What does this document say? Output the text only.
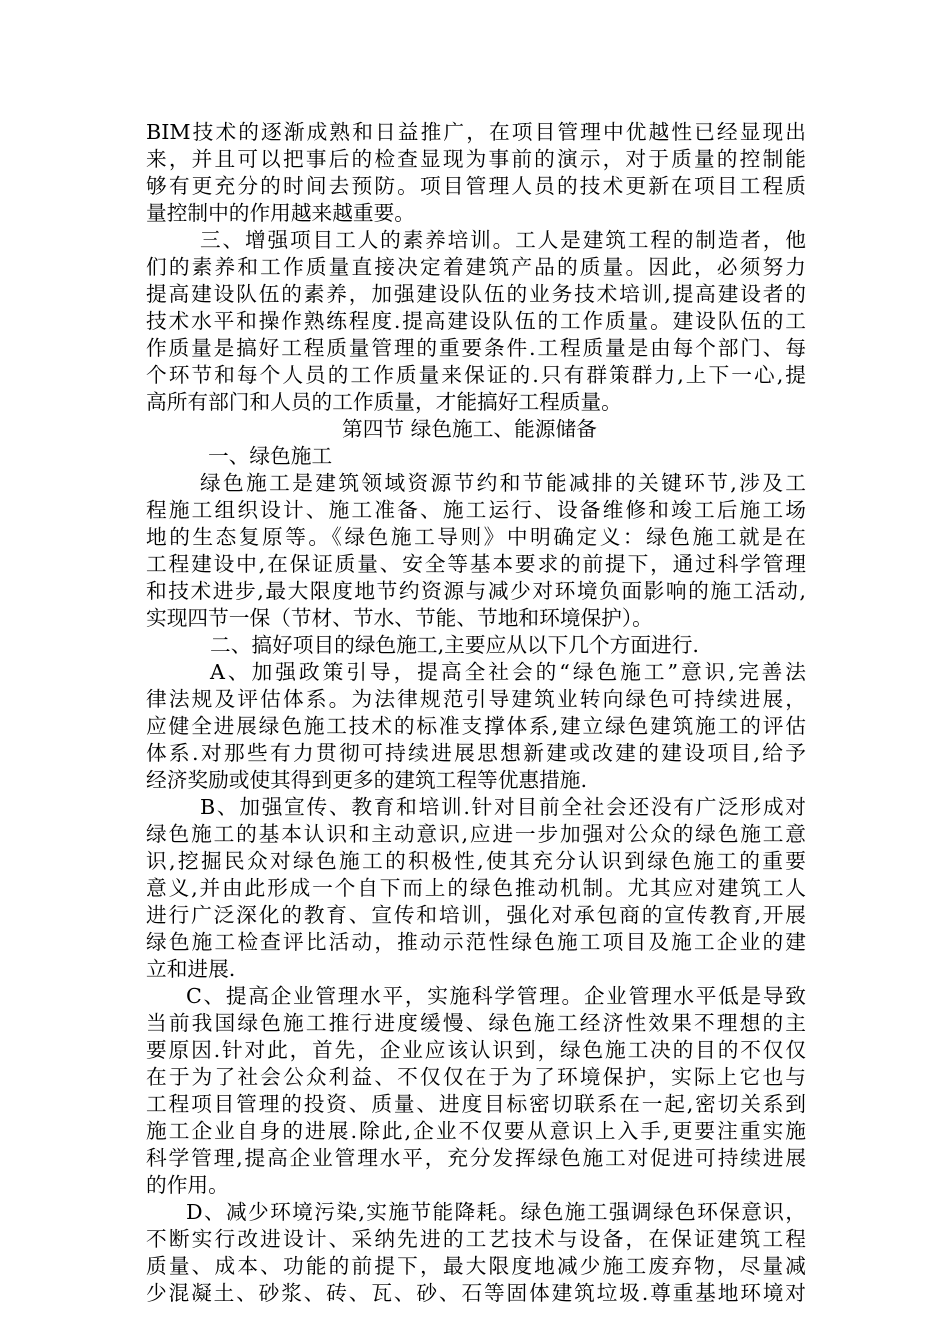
BIM技术的逐渐成熟和日益推广，在项目管理中优越性已经显现出
来，并且可以把事后的检查显现为事前的演示，对于质量的控制能
够有更充分的时间去预防。项目管理人员的技术更新在项目工程质
量控制中的作用越来越重要。
三、增强项目工人的素养培训。工人是建筑工程的制造者，他
们的素养和工作质量直接决定着建筑产品的质量。因此，必须努力
提高建设队伍的素养，加强建设队伍的业务技术培训,提高建设者的
技术水平和操作熟练程度.提高建设队伍的工作质量。建设队伍的工
作质量是搞好工程质量管理的重要条件.工程质量是由每个部门、每
个环节和每个人员的工作质量来保证的.只有群策群力,上下一心,提
高所有部门和人员的工作质量，才能搞好工程质量。
第四节 绿色施工、能源储备
一、绿色施工
绿色施工是建筑领域资源节约和节能减排的关键环节,涉及工
程施工组织设计、施工准备、施工运行、设备维修和竣工后施工场
地的生态复原等。《绿色施工导则》中明确定义：绿色施工就是在
工程建设中,在保证质量、安全等基本要求的前提下，通过科学管理
和技术进步,最大限度地节约资源与减少对环境负面影响的施工活动,
实现四节一保（节材、节水、节能、节地和环境保护）。
二、搞好项目的绿色施工,主要应从以下几个方面进行.
A、加强政策引导，提高全社会的“绿色施工”意识,完善法
律法规及评估体系。为法律规范引导建筑业转向绿色可持续进展，
应健全进展绿色施工技术的标准支撑体系,建立绿色建筑施工的评估
体系.对那些有力贯彻可持续进展思想新建或改建的建设项目,给予
经济奖励或使其得到更多的建筑工程等优惠措施.
B、加强宣传、教育和培训.针对目前全社会还没有广泛形成对
绿色施工的基本认识和主动意识,应进一步加强对公众的绿色施工意
识,挖掘民众对绿色施工的积极性,使其充分认识到绿色施工的重要
意义,并由此形成一个自下而上的绿色推动机制。尤其应对建筑工人
进行广泛深化的教育、宣传和培训，强化对承包商的宣传教育,开展
绿色施工检查评比活动，推动示范性绿色施工项目及施工企业的建
立和进展.
C、提高企业管理水平，实施科学管理。企业管理水平低是导致
当前我国绿色施工推行进度缓慢、绿色施工经济性效果不理想的主
要原因.针对此，首先，企业应该认识到，绿色施工决的目的不仅仅
在于为了社会公众利益、不仅仅在于为了环境保护，实际上它也与
工程项目管理的投资、质量、进度目标密切联系在一起,密切关系到
施工企业自身的进展.除此,企业不仅要从意识上入手,更要注重实施
科学管理,提高企业管理水平，充分发挥绿色施工对促进可持续进展
的作用。
D、减少环境污染,实施节能降耗。绿色施工强调绿色环保意识，
不断实行改进设计、采纳先进的工艺技术与设备，在保证建筑工程
质量、成本、功能的前提下，最大限度地减少施工废弃物，尽量减
少混凝土、砂浆、砖、瓦、砂、石等固体建筑垃圾.尊重基地环境对
